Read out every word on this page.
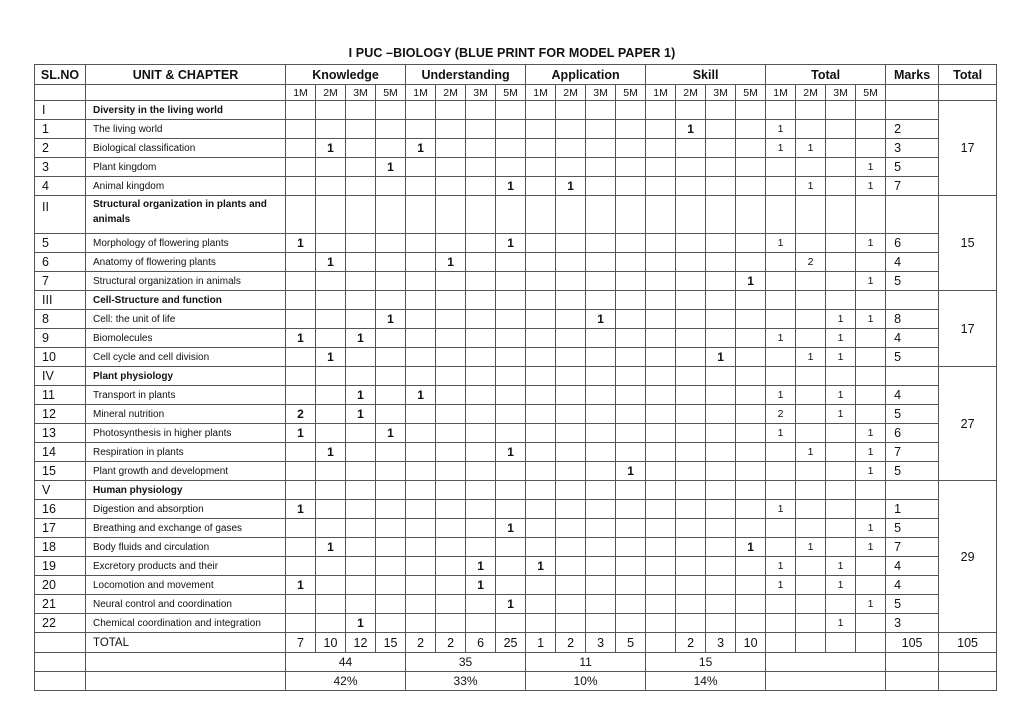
I PUC –BIOLOGY (BLUE PRINT FOR MODEL PAPER 1)
SL.NO	UNIT & CHAPTER	Knowledge				Understanding				Application				Skill				Total				Marks	Total
		1M	2M	3M	5M	1M	2M	3M	5M	1M	2M	3M	5M	1M	2M	3M	5M	1M	2M	3M	5M		
I	Diversity in the living world																						17
1	The living world														1			1				2	
2	Biological classification		1			1												1	1			3	
3	Plant kingdom				1																1	5	
4	Animal kingdom								1		1								1		1	7	
II	Structural organization in plants and animals																						15
5	Morphology of flowering plants	1							1									1			1	6	
6	Anatomy of flowering plants		1				1												2			4	
7	Structural organization in animals																1				1	5	
III	Cell-Structure and function																						17
8	Cell: the unit of life				1							1								1	1	8	
9	Biomolecules	1		1														1		1		4	
10	Cell cycle and cell division		1													1			1	1		5	
IV	Plant physiology																						27
11	Transport in plants			1		1												1		1		4	
12	Mineral nutrition	2		1														2		1		5	
13	Photosynthesis in higher plants	1			1													1			1	6	
14	Respiration in plants		1						1										1		1	7	
15	Plant growth and development												1								1	5	
V	Human physiology																						29
16	Digestion and absorption	1																1				1	
17	Breathing and exchange of gases								1												1	5	
18	Body fluids and circulation		1														1		1		1	7	
19	Excretory products and their							1		1								1		1		4	
20	Locomotion and movement	1						1										1		1		4	
21	Neural control and coordination								1												1	5	
22	Chemical coordination and integration			1																1		3	
	TOTAL	7	10	12	15	2	2	6	25	1	2	3	5		2	3	10					105	105
		44				35				11				15									
		42%				33%				10%				14%									
